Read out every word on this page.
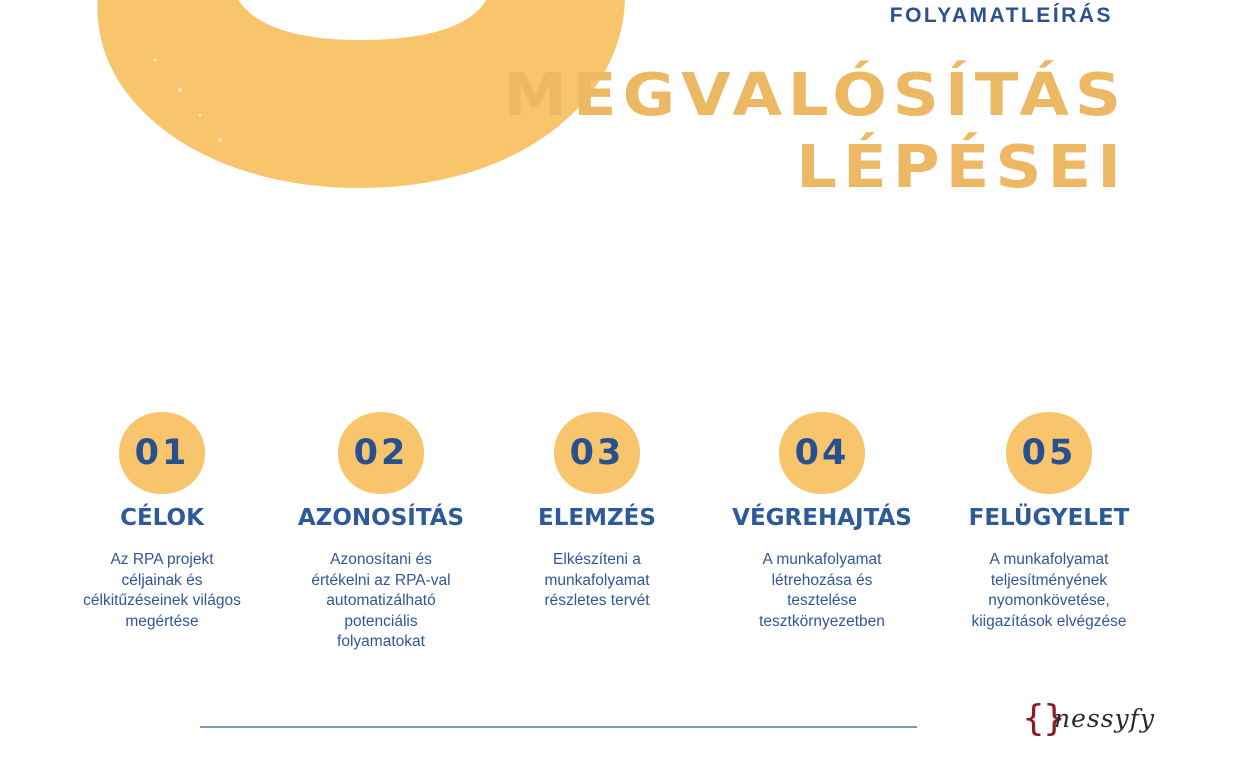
FOLYAMATLEÍRÁS
MEGVALÓSÍTÁS
LÉPÉSEI
01
CÉLOK
Az RPA projekt céljainak és célkitűzéseinek világos megértése
02
AZONOSÍTÁS
Azonosítani és értékelni az RPA-val automatizálható potenciális folyamatokat
03
ELEMZÉS
Elkészíteni a munkafolyamat részletes tervét
04
VÉGREHAJTÁS
A munkafolyamat létrehozása és tesztelése tesztkörnyezetben
05
FELÜGYELET
A munkafolyamat teljesítményének nyomonkövetése, kiigazítások elvégzése
{}
nessyfy
